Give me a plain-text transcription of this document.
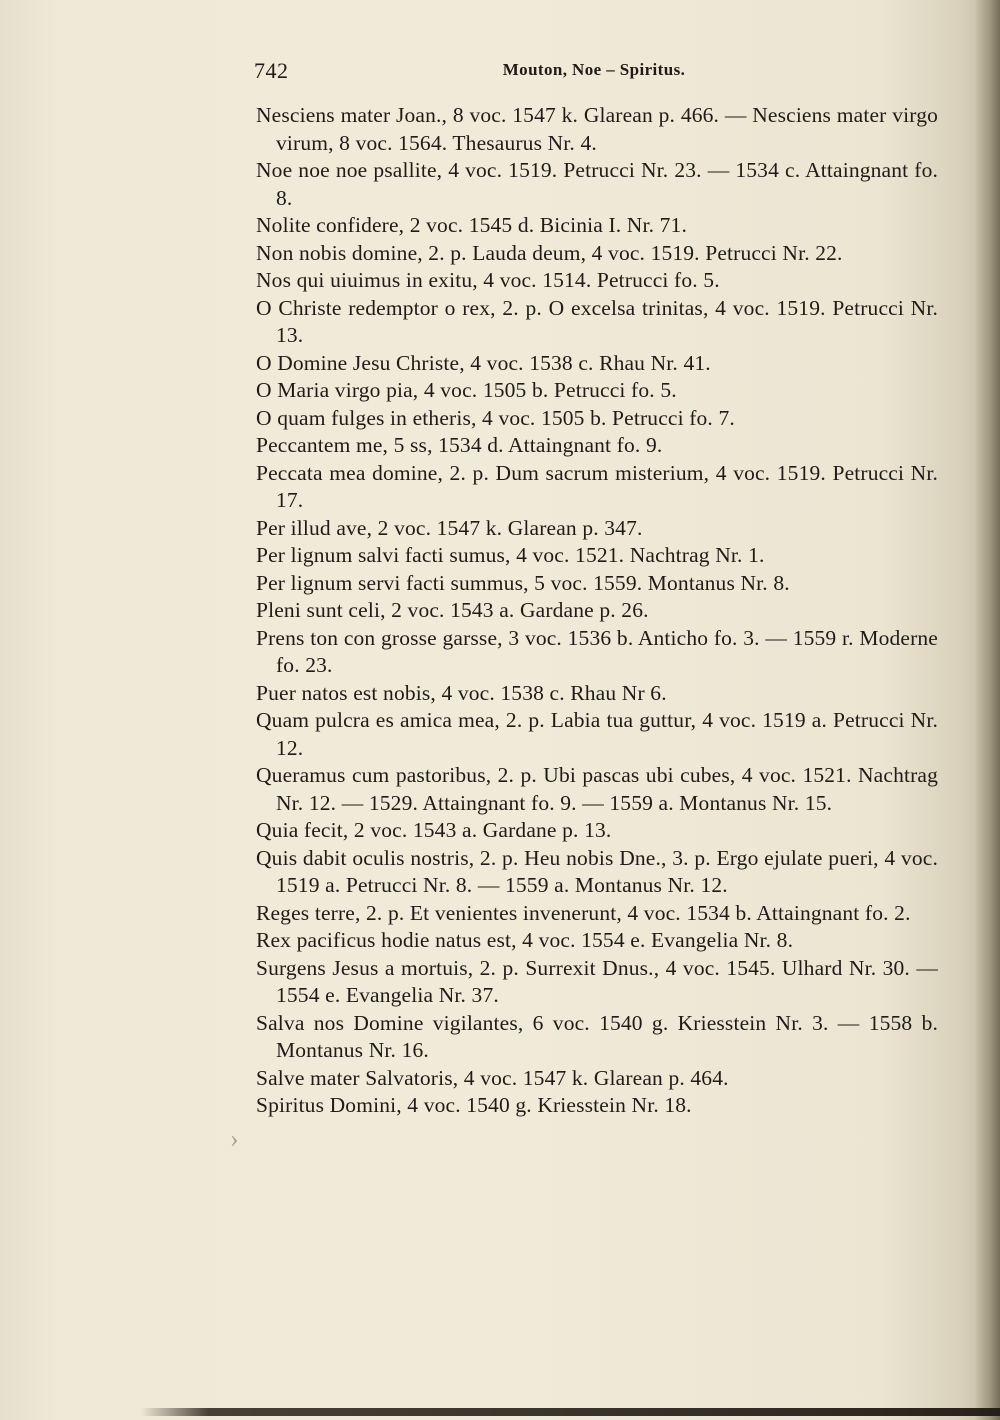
742	Mouton, Noe – Spiritus.
Nesciens mater Joan., 8 voc. 1547 k. Glarean p. 466. — Nesciens mater virgo virum, 8 voc. 1564. Thesaurus Nr. 4.
Noe noe noe psallite, 4 voc. 1519. Petrucci Nr. 23. — 1534 c. Attaingnant fo. 8.
Nolite confidere, 2 voc. 1545 d. Bicinia I. Nr. 71.
Non nobis domine, 2. p. Lauda deum, 4 voc. 1519. Petrucci Nr. 22.
Nos qui uiuimus in exitu, 4 voc. 1514. Petrucci fo. 5.
O Christe redemptor o rex, 2. p. O excelsa trinitas, 4 voc. 1519. Petrucci Nr. 13.
O Domine Jesu Christe, 4 voc. 1538 c. Rhau Nr. 41.
O Maria virgo pia, 4 voc. 1505 b. Petrucci fo. 5.
O quam fulges in etheris, 4 voc. 1505 b. Petrucci fo. 7.
Peccantem me, 5 ss, 1534 d. Attaingnant fo. 9.
Peccata mea domine, 2. p. Dum sacrum misterium, 4 voc. 1519. Petrucci Nr. 17.
Per illud ave, 2 voc. 1547 k. Glarean p. 347.
Per lignum salvi facti sumus, 4 voc. 1521. Nachtrag Nr. 1.
Per lignum servi facti summus, 5 voc. 1559. Montanus Nr. 8.
Pleni sunt celi, 2 voc. 1543 a. Gardane p. 26.
Prens ton con grosse garsse, 3 voc. 1536 b. Anticho fo. 3. — 1559 r. Moderne fo. 23.
Puer natos est nobis, 4 voc. 1538 c. Rhau Nr 6.
Quam pulcra es amica mea, 2. p. Labia tua guttur, 4 voc. 1519 a. Petrucci Nr. 12.
Queramus cum pastoribus, 2. p. Ubi pascas ubi cubes, 4 voc. 1521. Nachtrag Nr. 12. — 1529. Attaingnant fo. 9. — 1559 a. Montanus Nr. 15.
Quia fecit, 2 voc. 1543 a. Gardane p. 13.
Quis dabit oculis nostris, 2. p. Heu nobis Dne., 3. p. Ergo ejulate pueri, 4 voc. 1519 a. Petrucci Nr. 8. — 1559 a. Montanus Nr. 12.
Reges terre, 2. p. Et venientes invenerunt, 4 voc. 1534 b. Attaingnant fo. 2.
Rex pacificus hodie natus est, 4 voc. 1554 e. Evangelia Nr. 8.
Surgens Jesus a mortuis, 2. p. Surrexit Dnus., 4 voc. 1545. Ulhard Nr. 30. — 1554 e. Evangelia Nr. 37.
Salva nos Domine vigilantes, 6 voc. 1540 g. Kriesstein Nr. 3. — 1558 b. Montanus Nr. 16.
Salve mater Salvatoris, 4 voc. 1547 k. Glarean p. 464.
Spiritus Domini, 4 voc. 1540 g. Kriesstein Nr. 18.
›
